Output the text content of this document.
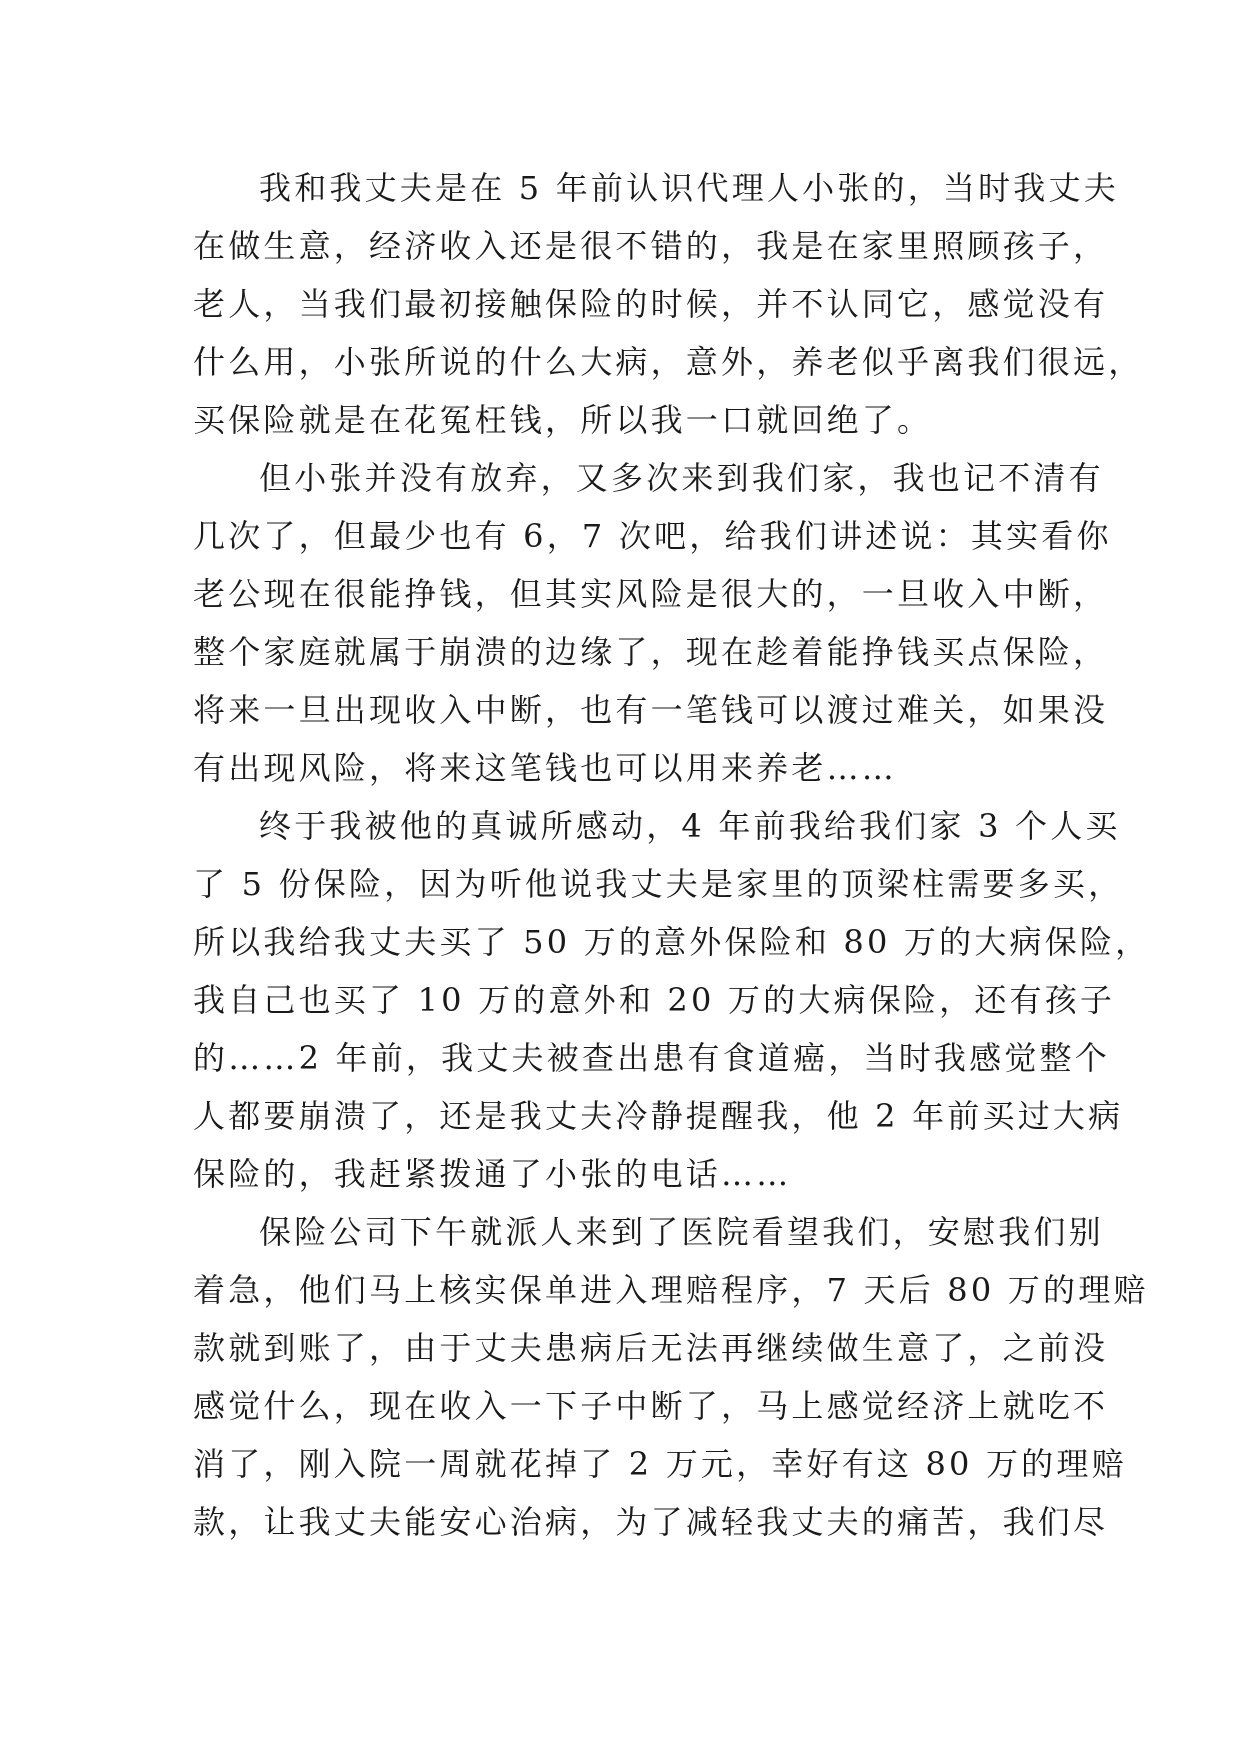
我和我丈夫是在 5 年前认识代理人小张的，当时我丈夫
在做生意，经济收入还是很不错的，我是在家里照顾孩子，
老人，当我们最初接触保险的时候，并不认同它，感觉没有
什么用，小张所说的什么大病，意外，养老似乎离我们很远，
买保险就是在花冤枉钱，所以我一口就回绝了。
但小张并没有放弃，又多次来到我们家，我也记不清有
几次了，但最少也有 6，7 次吧，给我们讲述说：其实看你
老公现在很能挣钱，但其实风险是很大的，一旦收入中断，
整个家庭就属于崩溃的边缘了，现在趁着能挣钱买点保险，
将来一旦出现收入中断，也有一笔钱可以渡过难关，如果没
有出现风险，将来这笔钱也可以用来养老……
终于我被他的真诚所感动，4 年前我给我们家 3 个人买
了 5 份保险，因为听他说我丈夫是家里的顶梁柱需要多买，
所以我给我丈夫买了 50 万的意外保险和 80 万的大病保险，
我自己也买了 10 万的意外和 20 万的大病保险，还有孩子
的……2 年前，我丈夫被查出患有食道癌，当时我感觉整个
人都要崩溃了，还是我丈夫冷静提醒我，他 2 年前买过大病
保险的，我赶紧拨通了小张的电话……
保险公司下午就派人来到了医院看望我们，安慰我们别
着急，他们马上核实保单进入理赔程序，7 天后 80 万的理赔
款就到账了，由于丈夫患病后无法再继续做生意了，之前没
感觉什么，现在收入一下子中断了，马上感觉经济上就吃不
消了，刚入院一周就花掉了 2 万元，幸好有这 80 万的理赔
款，让我丈夫能安心治病，为了减轻我丈夫的痛苦，我们尽
